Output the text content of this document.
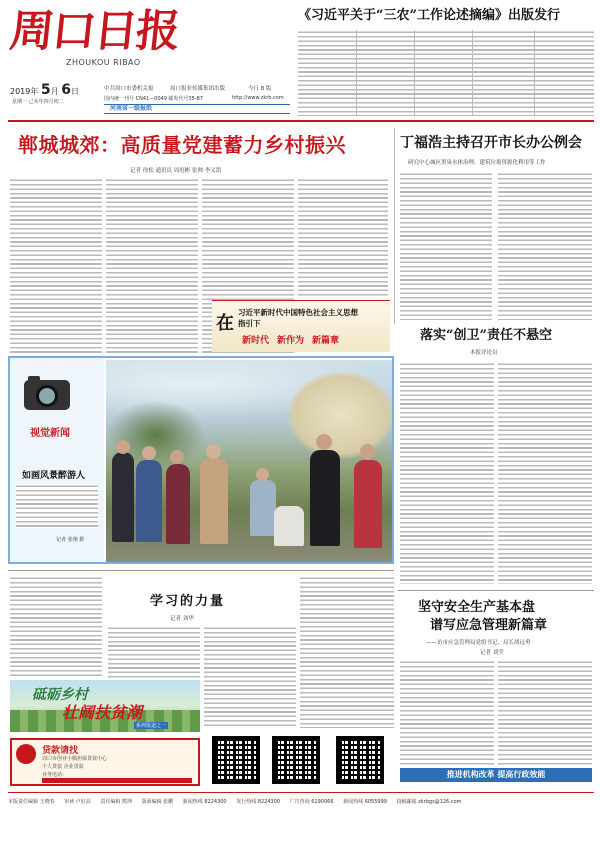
周口日报
ZHOUKOU RIBAO
2019年 5月 6日
星期一 己亥年四月初二
中共周口市委机关报	周口报业传媒集团出版	今日 8 版
国内统一刊号 CN41—0049 邮发代号35-87	http://www.zkrb.com
河南省一级报纸
《习近平关于“三农”工作论述摘编》出版发行
郸城城郊：高质量党建蓄力乡村振兴
记者 徐松 通讯员 周庭彬 张帅 李义凯
在
习近平新时代中国特色社会主义思想
指引下
新时代 新作为 新篇章
丁福浩主持召开市长办公例会
研究中心城区黑臭水体治理、建筑垃圾资源化利用等工作
落实“创卫”责任不悬空
本报评论员
视觉新闻
如画风景醉游人
记者 张翔 摄
学习的力量
记者 刘华
砥砺乡村
壮阔扶贫潮
系列报道之一
坚守安全生产基本盘
谱写应急管理新篇章
——访市应急管理局党组书记、局长胡远勇
记者 刘莹
推进机构改革 提高行政效能
贷款请找
周口市创业小额担保贷款中心
个人贷款 企业贷款
业务电话：
本版责任编辑 王晓春 审读 卢好高 责任编辑 熊坤 版面编辑 张鹏 新闻热线 8224300 发行热线 8224300 广告咨询 6190066 新闻热线 6055999 投稿邮箱 zkrbgs@126.com
